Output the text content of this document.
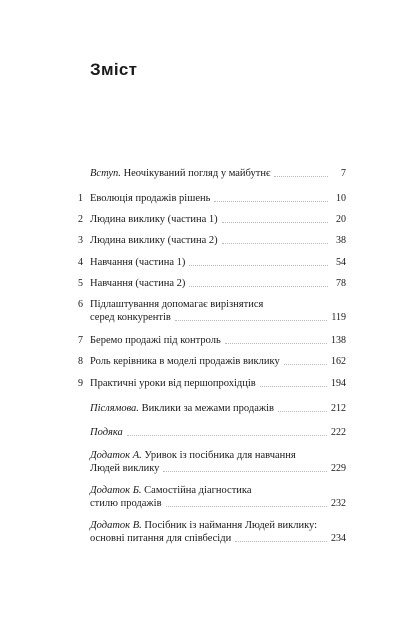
Зміст
Вступ. Неочікуваний погляд у майбутнє	7
1 Еволюція продажів рішень	10
2 Людина виклику (частина 1)	20
3 Людина виклику (частина 2)	38
4 Навчання (частина 1)	54
5 Навчання (частина 2)	78
6 Підлаштування допомагає вирізнятися
серед конкурентів	119
7 Беремо продажі під контроль	138
8 Роль керівника в моделі продажів виклику	162
9 Практичні уроки від першопрохідців	194
Післямова. Виклики за межами продажів	212
Подяка	222
Додаток А. Уривок із посібника для навчання
Людей виклику	229
Додаток Б. Самостійна діагностика
стилю продажів	232
Додаток В. Посібник із наймання Людей виклику:
основні питання для співбесіди	234
